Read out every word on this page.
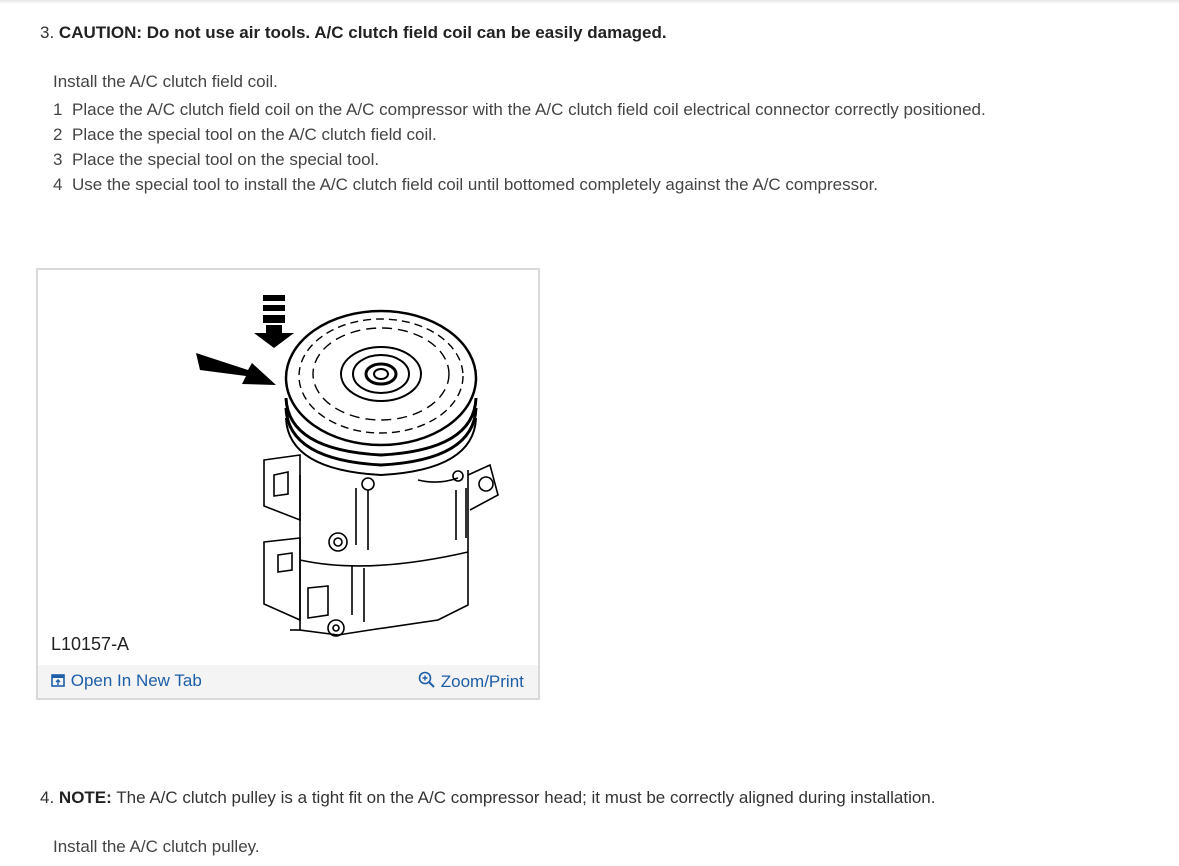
3. CAUTION: Do not use air tools. A/C clutch field coil can be easily damaged.
Install the A/C clutch field coil.
1 Place the A/C clutch field coil on the A/C compressor with the A/C clutch field coil electrical connector correctly positioned.
2 Place the special tool on the A/C clutch field coil.
3 Place the special tool on the special tool.
4 Use the special tool to install the A/C clutch field coil until bottomed completely against the A/C compressor.
L10157-A
Open In New Tab	Zoom/Print
4. NOTE: The A/C clutch pulley is a tight fit on the A/C compressor head; it must be correctly aligned during installation.
Install the A/C clutch pulley.
